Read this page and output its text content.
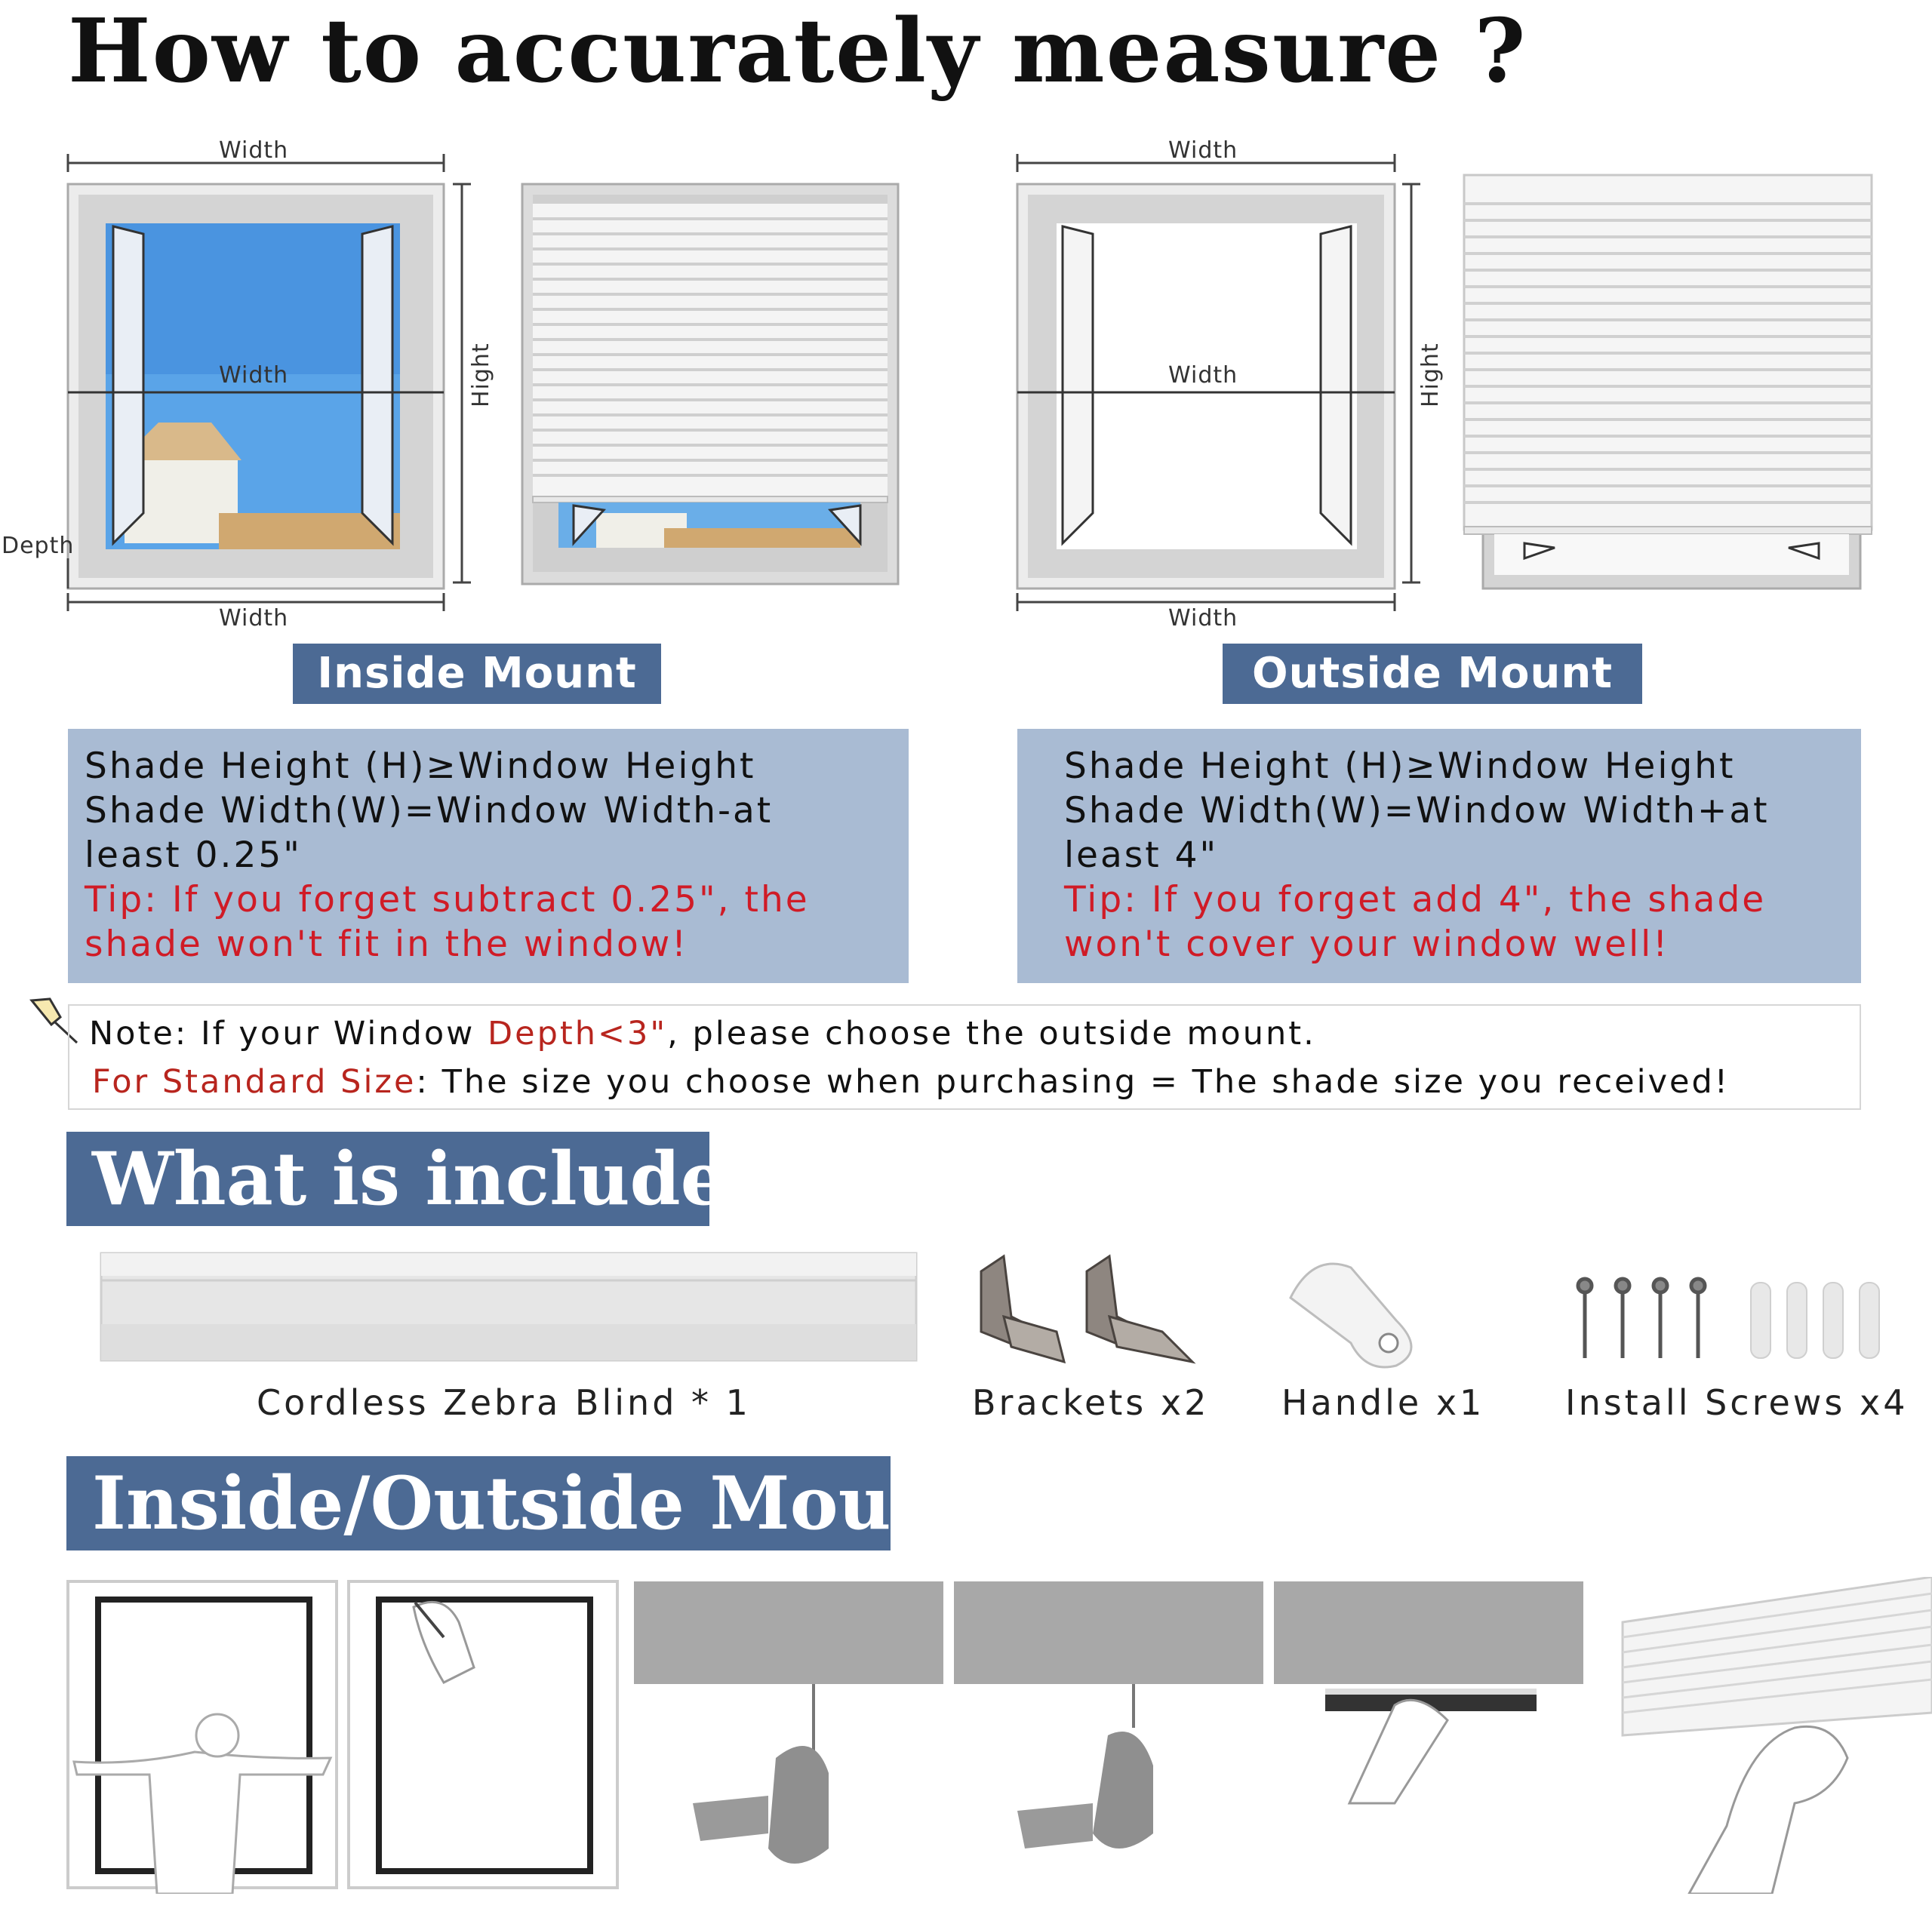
How to accurately measure ?
Width
Width
Width
Hight
Depth
Width
Width
Width
Hight
Inside Mount	Outside Mount
Shade Height (H)≥Window Height
Shade Width(W)=Window Width-at
least 0.25"
Tip: If you forget subtract 0.25", the
shade won't fit in the window!
Shade Height (H)≥Window Height
Shade Width(W)=Window Width+at
least 4"
Tip: If you forget add 4", the shade
won't cover your window well!
Note: If your Window Depth<3", please choose the outside mount.
For Standard Size: The size you choose when purchasing = The shade size you received!
What is included
Cordless Zebra Blind * 1	Brackets x2 Handle x1 Install Screws x4
Inside/Outside Mount
